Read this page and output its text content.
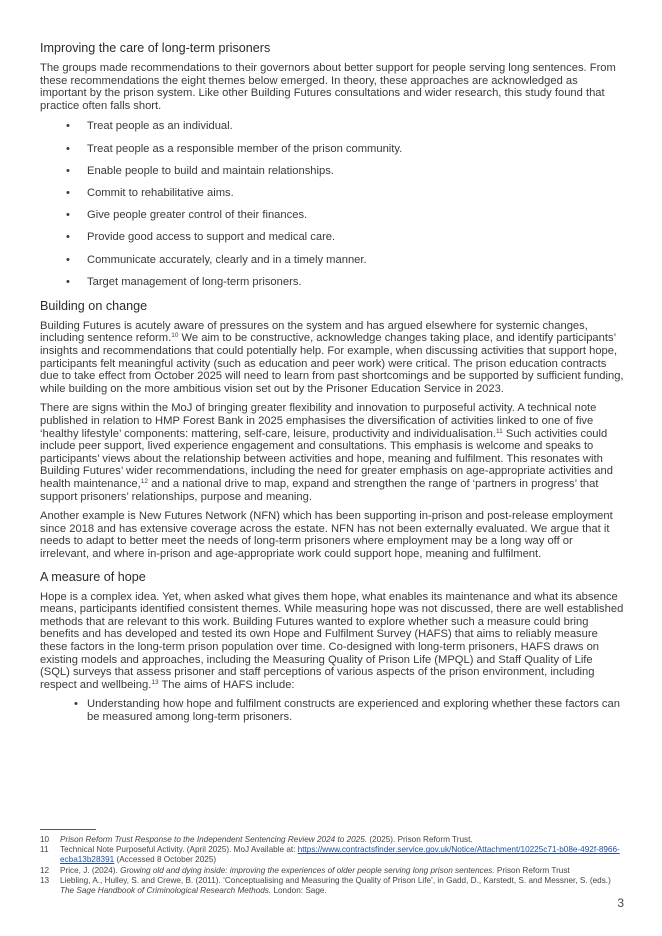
Improving the care of long-term prisoners

The groups made recommendations to their governors about better support for people serving long sentences. From these recommendations the eight themes below emerged. In theory, these approaches are acknowledged as important by the prison system. Like other Building Futures consultations and wider research, this study found that practice often falls short.

• Treat people as an individual.
• Treat people as a responsible member of the prison community.
• Enable people to build and maintain relationships.
• Commit to rehabilitative aims.
• Give people greater control of their finances.
• Provide good access to support and medical care.
• Communicate accurately, clearly and in a timely manner.
• Target management of long-term prisoners.
Building on change

Building Futures is acutely aware of pressures on the system and has argued elsewhere for systemic changes, including sentence reform.$^{10}$ We aim to be constructive, acknowledge changes taking place, and identify participants’ insights and recommendations that could potentially help. For example, when discussing activities that support hope, participants felt meaningful activity (such as education and peer work) were critical. The prison education contracts due to take effect from October 2025 will need to learn from past shortcomings and be supported by sufficient funding, while building on the more ambitious vision set out by the Prisoner Education Service in 2023.

There are signs within the MoJ of bringing greater flexibility and innovation to purposeful activity. A technical note published in relation to HMP Forest Bank in 2025 emphasises the diversification of activities linked to one of five ‘healthy lifestyle’ components: mattering, self-care, leisure, productivity and individualisation.$^{11}$ Such activities could include peer support, lived experience engagement and consultations. This emphasis is welcome and speaks to participants’ views about the relationship between activities and hope, meaning and fulfilment. This resonates with Building Futures’ wider recommendations, including the need for greater emphasis on age-appropriate activities and health maintenance,$^{12}$ and a national drive to map, expand and strengthen the range of ‘partners in progress’ that support prisoners’ relationships, purpose and meaning.

Another example is New Futures Network (NFN) which has been supporting in-prison and post-release employment since 2018 and has extensive coverage across the estate. NFN has not been externally evaluated. We argue that it needs to adapt to better meet the needs of long-term prisoners where employment may be a long way off or irrelevant, and where in-prison and age-appropriate work could support hope, meaning and fulfilment.

A measure of hope

Hope is a complex idea. Yet, when asked what gives them hope, what enables its maintenance and what its absence means, participants identified consistent themes. While measuring hope was not discussed, there are well established methods that are relevant to this work. Building Futures wanted to explore whether such a measure could bring benefits and has developed and tested its own Hope and Fulfilment Survey (HAFS) that aims to reliably measure these factors in the long-term prison population over time. Co-designed with long-term prisoners, HAFS draws on existing models and approaches, including the Measuring Quality of Prison Life (MPQL) and Staff Quality of Life (SQL) surveys that assess prisoner and staff perceptions of various aspects of the prison environment, including respect and wellbeing.$^{13}$ The aims of HAFS include:

• Understanding how hope and fulfilment constructs are experienced and exploring whether these factors can be measured among long-term prisoners.
10	Prison Reform Trust Response to the Independent Sentencing Review 2024 to 2025. (2025). Prison Reform Trust.
11	Technical Note Purposeful Activity. (April 2025). MoJ Available at: https://www.contractsfinder.service.gov.uk/Notice/Attachment/10225c71-b08e-492f-8966-ecba13b28391 (Accessed 8 October 2025)
12	Price, J. (2024). Growing old and dying inside: improving the experiences of older people serving long prison sentences. Prison Reform Trust
13	Liebling, A., Hulley, S. and Crewe, B. (2011). ‘Conceptualising and Measuring the Quality of Prison Life’, in Gadd, D., Karstedt, S. and Messner, S. (eds.) The Sage Handbook of Criminological Research Methods. London: Sage.
3
